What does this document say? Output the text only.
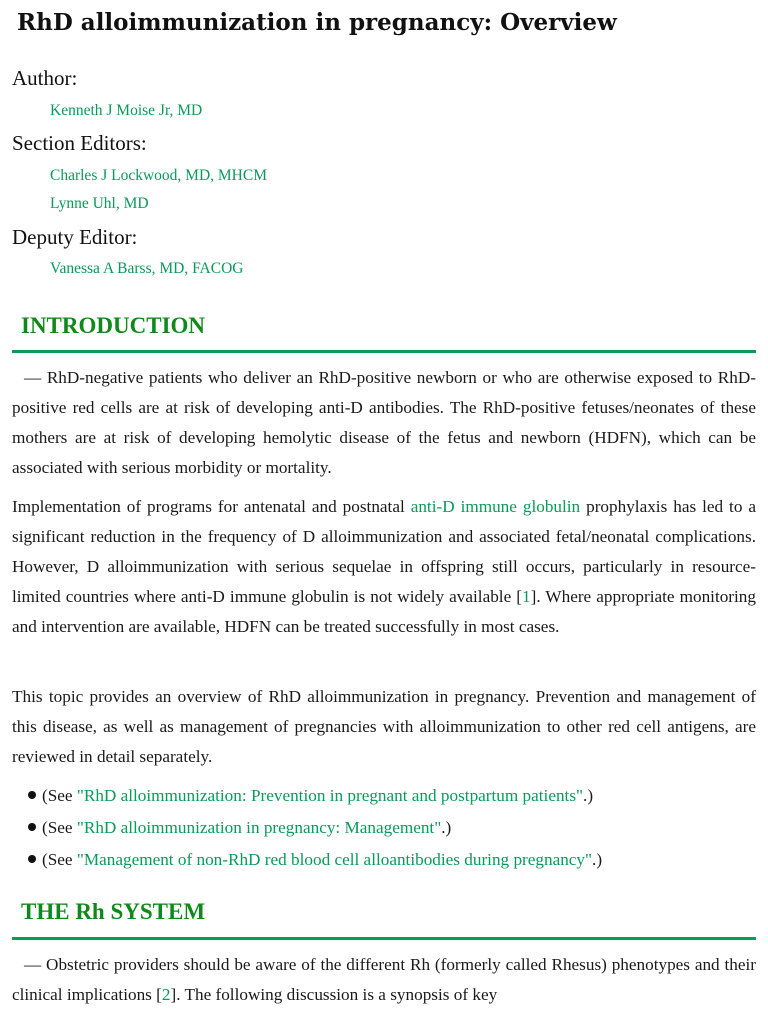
RhD alloimmunization in pregnancy: Overview
Author:
Kenneth J Moise Jr, MD
Section Editors:
Charles J Lockwood, MD, MHCM
Lynne Uhl, MD
Deputy Editor:
Vanessa A Barss, MD, FACOG
INTRODUCTION
— RhD-negative patients who deliver an RhD-positive newborn or who are otherwise exposed to RhD-positive red cells are at risk of developing anti-D antibodies. The RhD-positive fetuses/neonates of these mothers are at risk of developing hemolytic disease of the fetus and newborn (HDFN), which can be associated with serious morbidity or mortality.
Implementation of programs for antenatal and postnatal anti-D immune globulin prophylaxis has led to a significant reduction in the frequency of D alloimmunization and associated fetal/neonatal complications. However, D alloimmunization with serious sequelae in offspring still occurs, particularly in resource-limited countries where anti-D immune globulin is not widely available [1]. Where appropriate monitoring and intervention are available, HDFN can be treated successfully in most cases.
This topic provides an overview of RhD alloimmunization in pregnancy. Prevention and management of this disease, as well as management of pregnancies with alloimmunization to other red cell antigens, are reviewed in detail separately.
(See "RhD alloimmunization: Prevention in pregnant and postpartum patients".)
(See "RhD alloimmunization in pregnancy: Management".)
(See "Management of non-RhD red blood cell alloantibodies during pregnancy".)
THE Rh SYSTEM
— Obstetric providers should be aware of the different Rh (formerly called Rhesus) phenotypes and their clinical implications [2]. The following discussion is a synopsis of key
